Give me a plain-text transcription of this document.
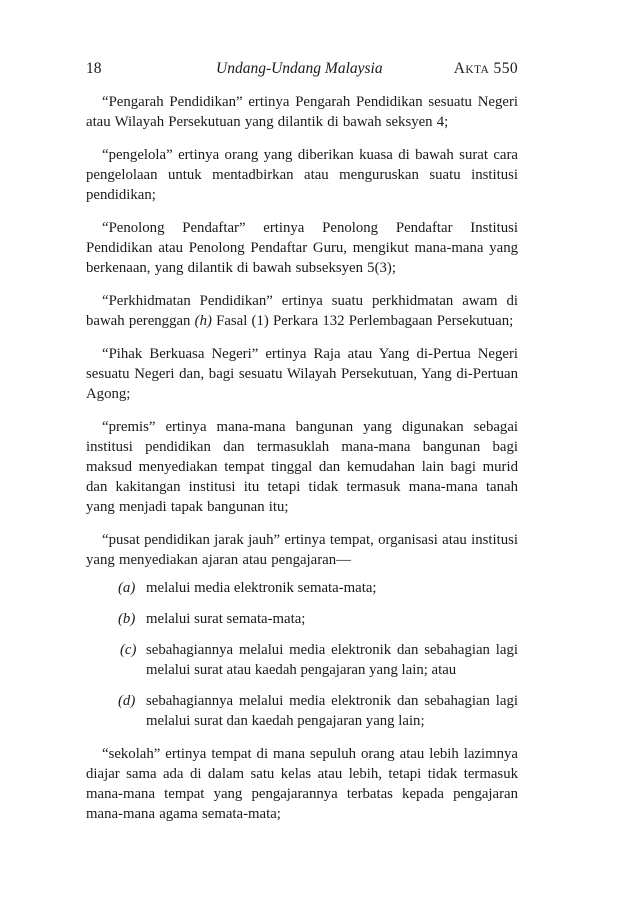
18	Undang-Undang Malaysia	AKTA 550

“Pengarah Pendidikan” ertinya Pengarah Pendidikan sesuatu Negeri atau Wilayah Persekutuan yang dilantik di bawah seksyen 4;

“pengelola” ertinya orang yang diberikan kuasa di bawah surat cara pengelolaan untuk mentadbirkan atau menguruskan suatu institusi pendidikan;

“Penolong Pendaftar” ertinya Penolong Pendaftar Institusi Pendidikan atau Penolong Pendaftar Guru, mengikut mana-mana yang berkenaan, yang dilantik di bawah subseksyen 5(3);

“Perkhidmatan Pendidikan” ertinya suatu perkhidmatan awam di bawah perenggan (h) Fasal (1) Perkara 132 Perlembagaan Persekutuan;

“Pihak Berkuasa Negeri” ertinya Raja atau Yang di-Pertua Negeri sesuatu Negeri dan, bagi sesuatu Wilayah Persekutuan, Yang di-Pertuan Agong;

“premis” ertinya mana-mana bangunan yang digunakan sebagai institusi pendidikan dan termasuklah mana-mana bangunan bagi maksud menyediakan tempat tinggal dan kemudahan lain bagi murid dan kakitangan institusi itu tetapi tidak termasuk mana-mana tanah yang menjadi tapak bangunan itu;

“pusat pendidikan jarak jauh” ertinya tempat, organisasi atau institusi yang menyediakan ajaran atau pengajaran—

(a) melalui media elektronik semata-mata;
(b) melalui surat semata-mata;
(c) sebahagiannya melalui media elektronik dan sebahagian lagi melalui surat atau kaedah pengajaran yang lain; atau
(d) sebahagiannya melalui media elektronik dan sebahagian lagi melalui surat dan kaedah pengajaran yang lain;

“sekolah” ertinya tempat di mana sepuluh orang atau lebih lazimnya diajar sama ada di dalam satu kelas atau lebih, tetapi tidak termasuk mana-mana tempat yang pengajarannya terbatas kepada pengajaran mana-mana agama semata-mata;
